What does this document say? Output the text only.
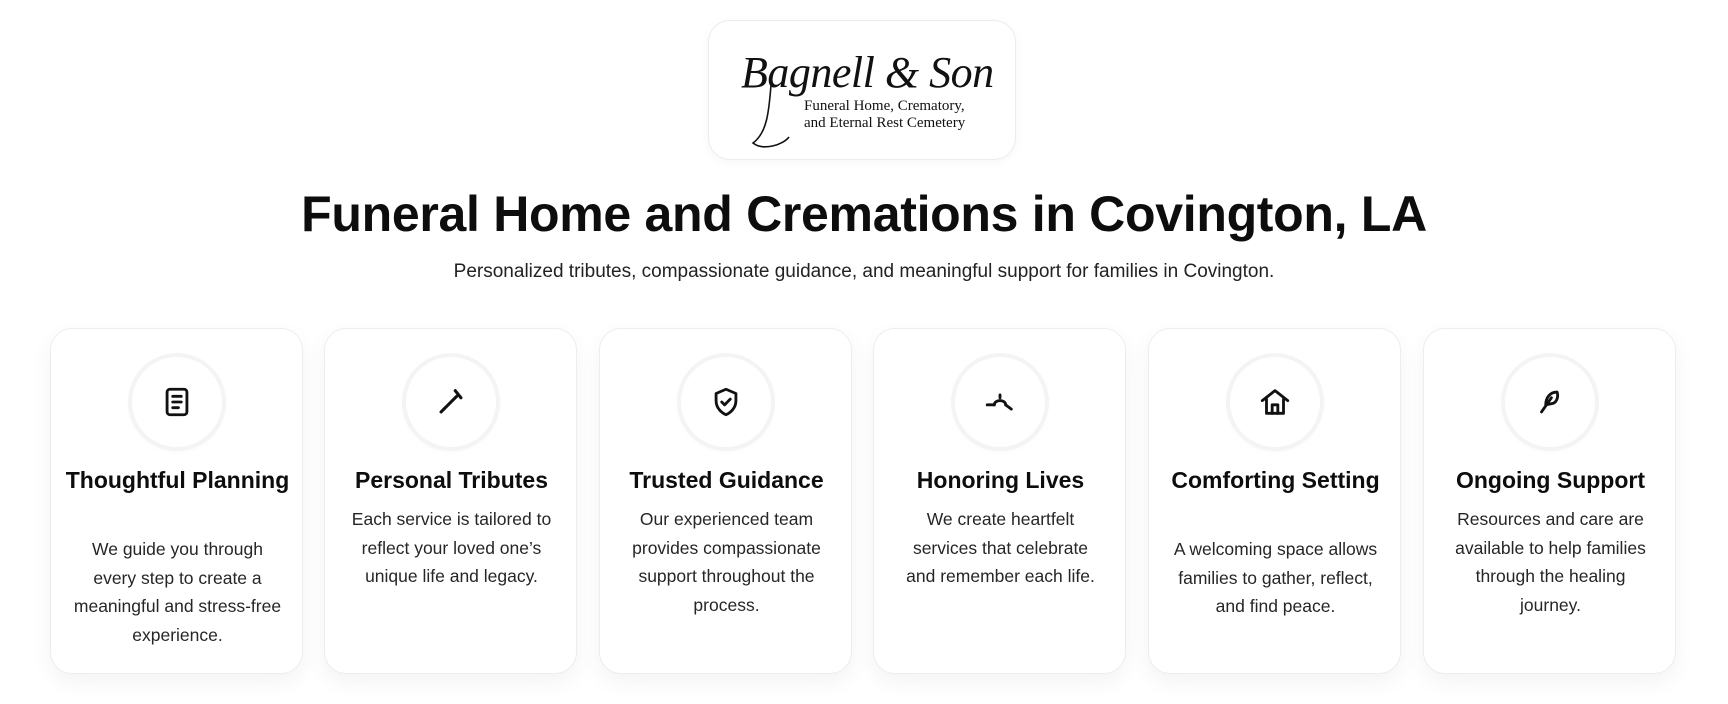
Bagnell & Son
Funeral Home, Crematory,
and Eternal Rest Cemetery
Funeral Home and Cremations in Covington, LA

Personalized tributes, compassionate guidance, and meaningful support for families in Covington.

Thoughtful Planning
We guide you through every step to create a meaningful and stress-free experience.
Personal Tributes
Each service is tailored to reflect your loved one’s unique life and legacy.
Trusted Guidance
Our experienced team provides compassionate support throughout the process.
Honoring Lives
We create heartfelt services that celebrate and remember each life.
Comforting Setting
A welcoming space allows families to gather, reflect, and find peace.
Ongoing Support
Resources and care are available to help families through the healing journey.
